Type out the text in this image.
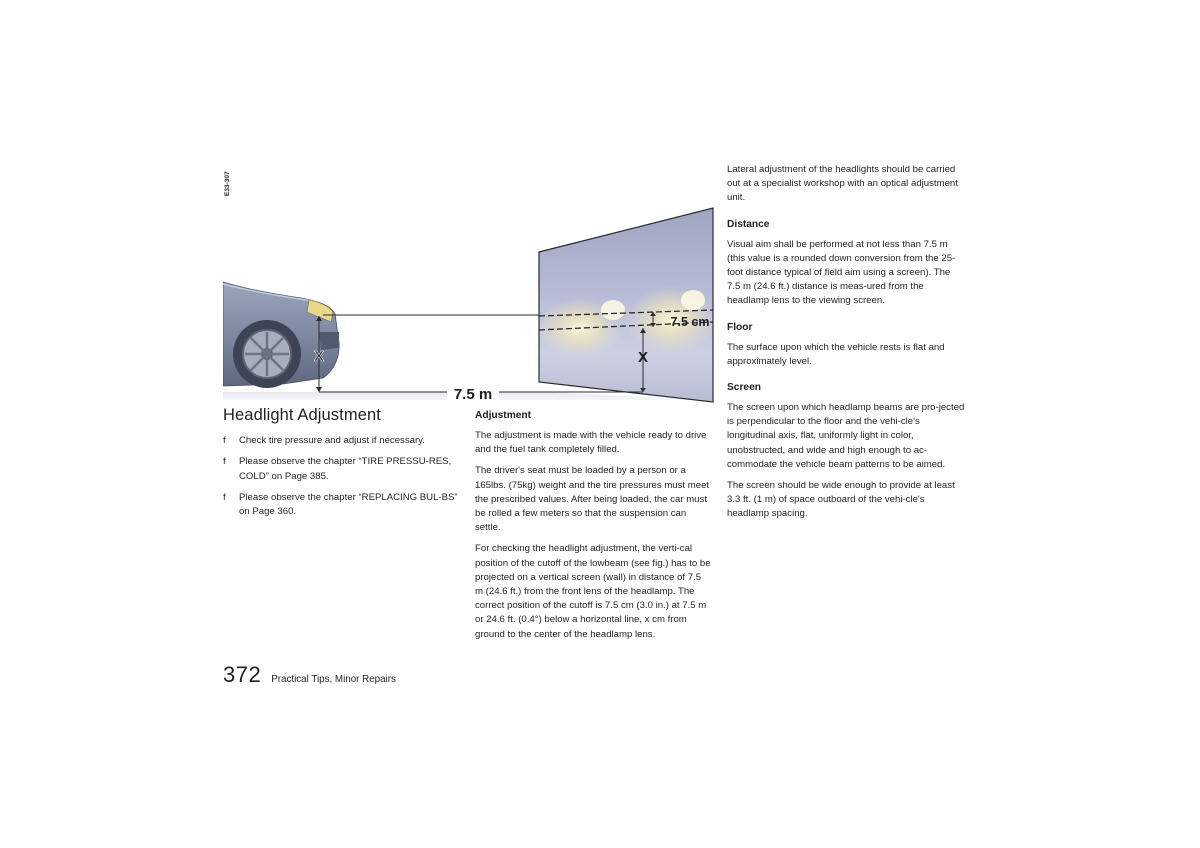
E33-307
X	X
7.5 m
7.5 cm
Headlight Adjustment
f Check tire pressure and adjust if necessary.
f Please observe the chapter “TIRE PRESSU-RES, COLD” on Page 385.
f Please observe the chapter “REPLACING BUL-BS” on Page 360.
Adjustment

The adjustment is made with the vehicle ready to drive and the fuel tank completely filled.

The driver's seat must be loaded by a person or a 165lbs. (75kg) weight and the tire pressures must meet the prescribed values. After being loaded, the car must be rolled a few meters so that the suspension can settle.

For checking the headlight adjustment, the verti-cal position of the cutoff of the lowbeam (see fig.) has to be projected on a vertical screen (wall) in distance of 7.5 m (24.6 ft.) from the front lens of the headlamp. The correct position of the cutoff is 7.5 cm (3.0 in.) at 7.5 m or 24.6 ft. (0.4°) below a horizontal line, x cm from ground to the center of the headlamp lens.

Lateral adjustment of the headlights should be carried out at a specialist workshop with an optical adjustment unit.

Distance

Visual aim shall be performed at not less than 7.5 m (this value is a rounded down conversion from the 25-foot distance typical of field aim using a screen). The 7.5 m (24.6 ft.) distance is meas-ured from the headlamp lens to the viewing screen.

Floor

The surface upon which the vehicle rests is flat and approximately level.

Screen

The screen upon which headlamp beams are pro-jected is perpendicular to the floor and the vehi-cle's longitudinal axis, flat, uniformly light in color, unobstructed, and wide and high enough to ac-commodate the vehicle beam patterns to be aimed.

The screen should be wide enough to provide at least 3.3 ft. (1 m) of space outboard of the vehi-cle's headlamp spacing.

372 Practical Tips, Minor Repairs
